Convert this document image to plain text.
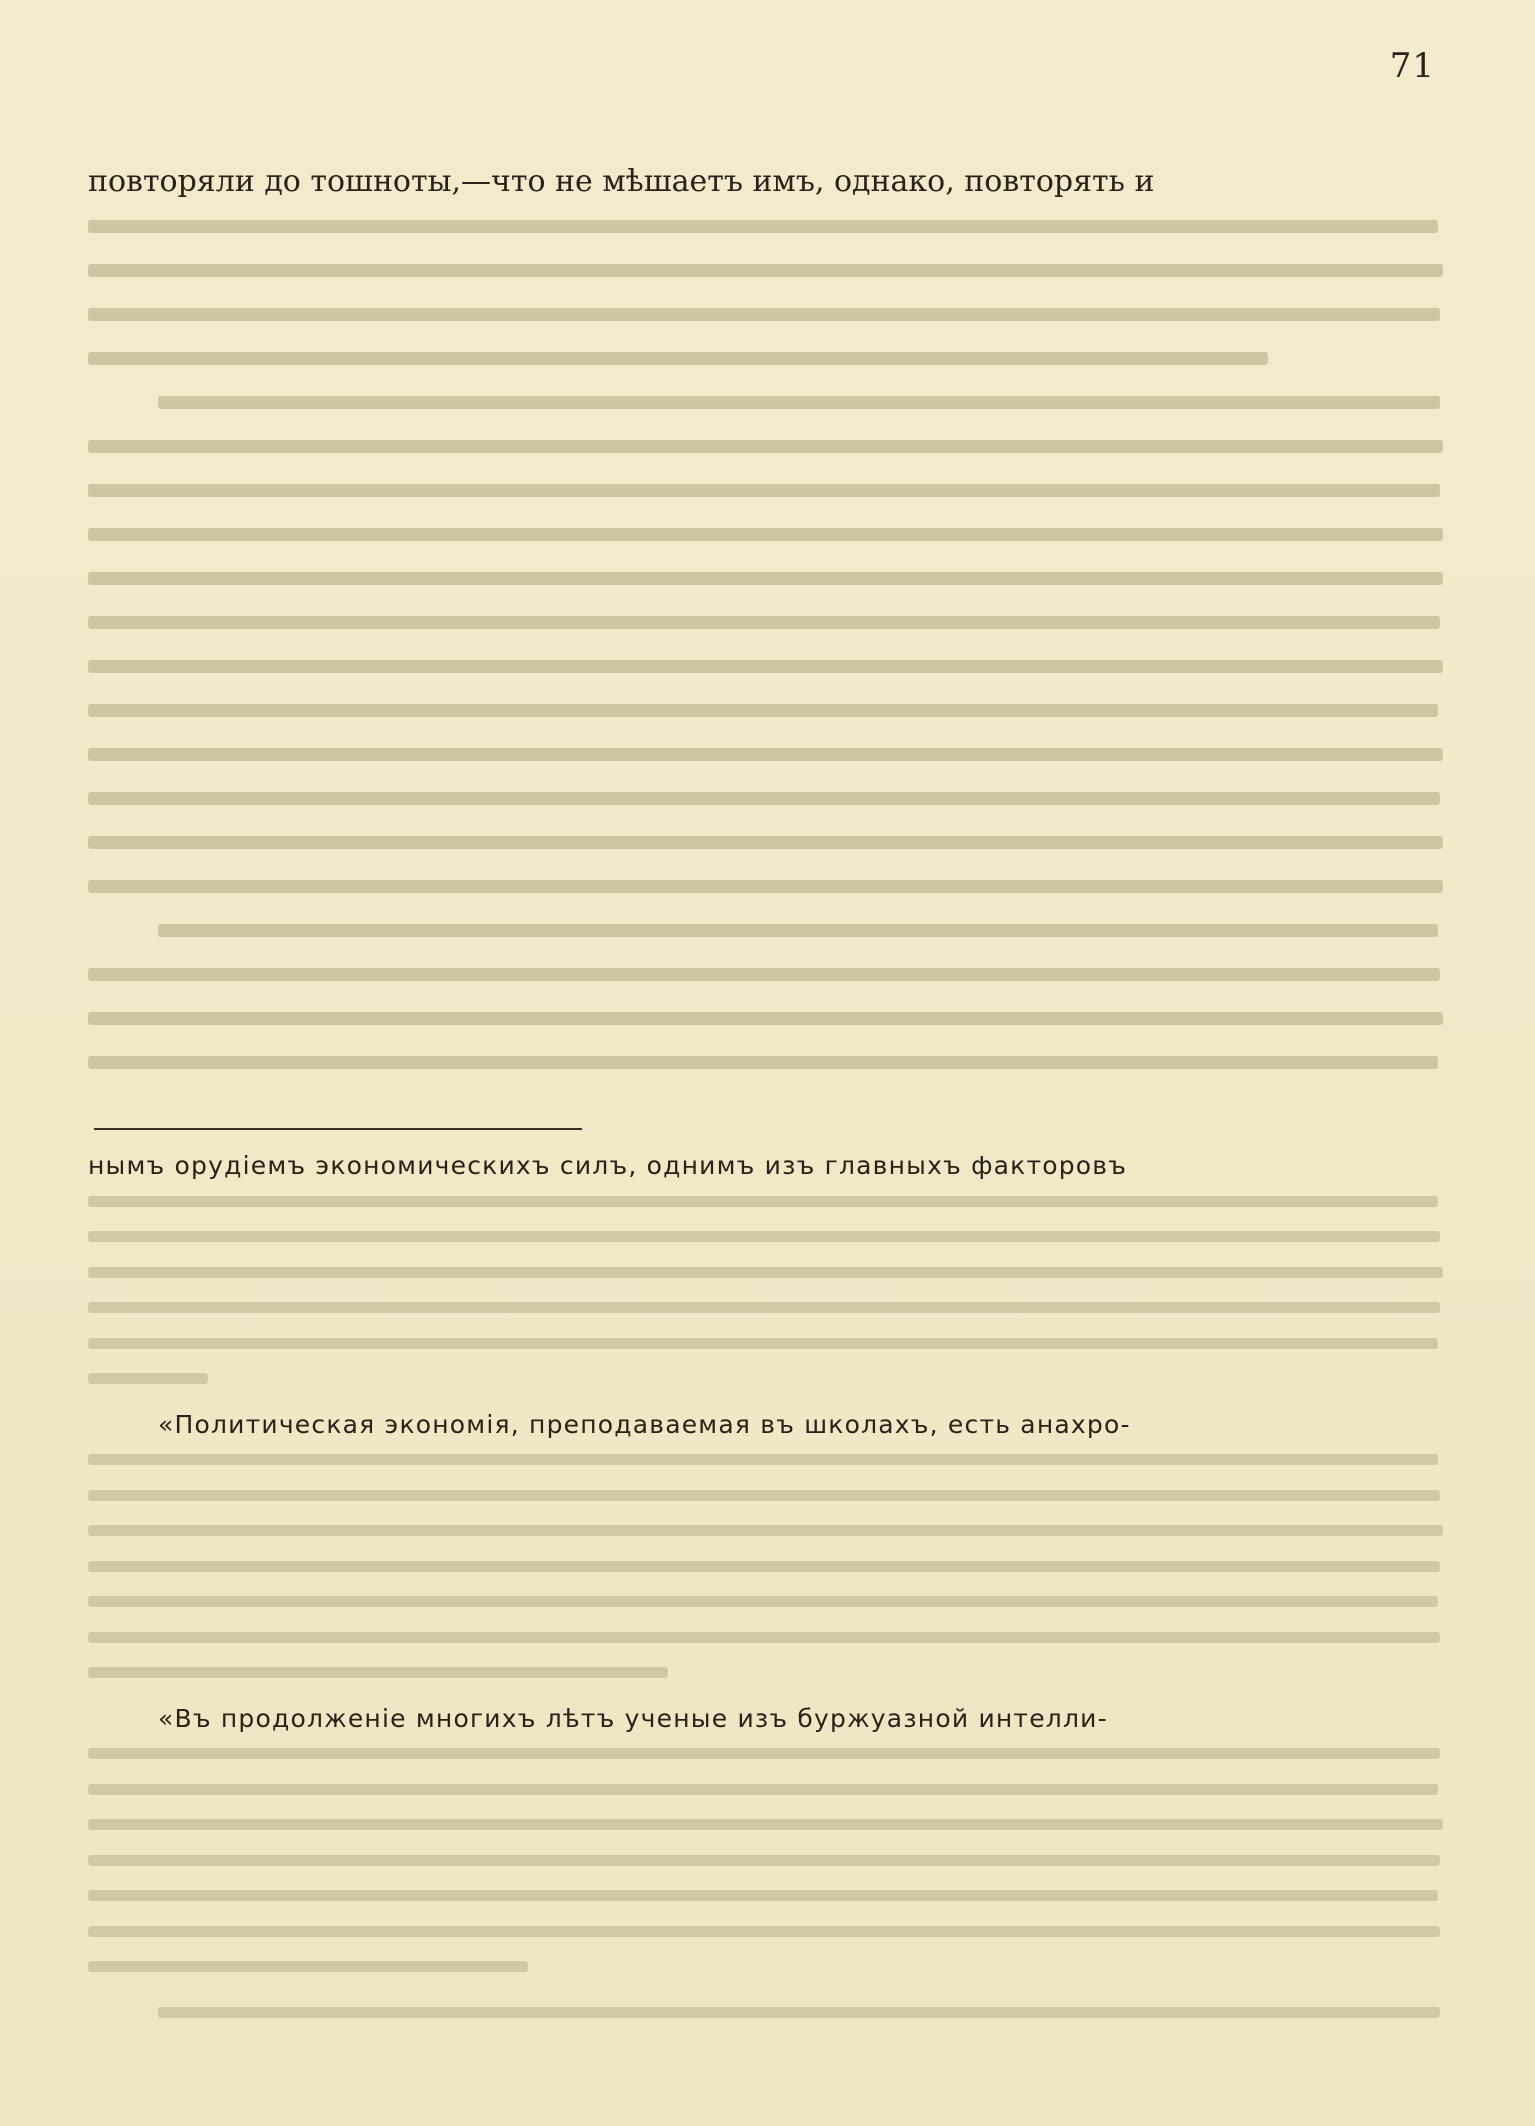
71
повторяли до тошноты,—что не мѣшаетъ имъ, однако, повторять и
нымъ орудіемъ экономическихъ силъ, однимъ изъ главныхъ факторовъ
«Политическая экономія, преподаваемая въ школахъ, есть анахро-
«Въ продолженіе многихъ лѣтъ ученые изъ буржуазной интелли-
